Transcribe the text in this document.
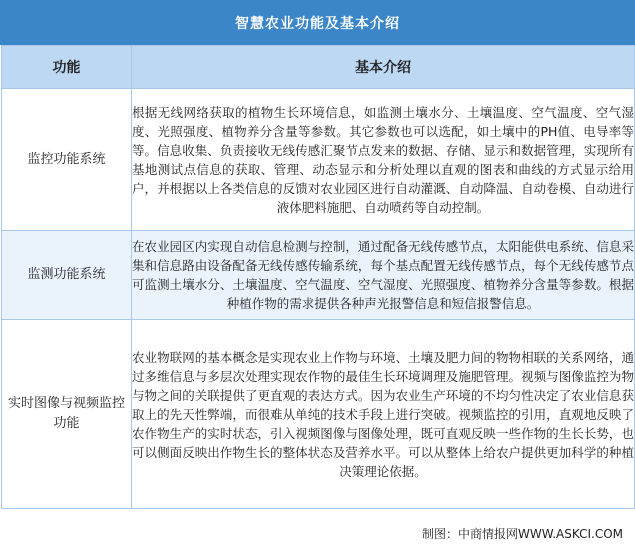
智慧农业功能及基本介绍
功能	基本介绍
监控功能系统	根据无线网络获取的植物生长环境信息，如监测土壤水分、土壤温度、空气温度、空气湿度、光照强度、植物养分含量等参数。其它参数也可以选配，如土壤中的PH值、电导率等等。信息收集、负责接收无线传感汇聚节点发来的数据、存储、显示和数据管理，实现所有基地测试点信息的获取、管理、动态显示和分析处理以直观的图表和曲线的方式显示给用户，并根据以上各类信息的反馈对农业园区进行自动灌溉、自动降温、自动卷模、自动进行液体肥料施肥、自动喷药等自动控制。
监测功能系统	在农业园区内实现自动信息检测与控制，通过配备无线传感节点，太阳能供电系统、信息采集和信息路由设备配备无线传感传输系统，每个基点配置无线传感节点，每个无线传感节点可监测土壤水分、土壤温度、空气温度、空气湿度、光照强度、植物养分含量等参数。根据种植作物的需求提供各种声光报警信息和短信报警信息。
实时图像与视频监控功能	农业物联网的基本概念是实现农业上作物与环境、土壤及肥力间的物物相联的关系网络，通过多维信息与多层次处理实现农作物的最佳生长环境调理及施肥管理。视频与图像监控为物与物之间的关联提供了更直观的表达方式。因为农业生产环境的不均匀性决定了农业信息获取上的先天性弊端，而很难从单纯的技术手段上进行突破。视频监控的引用，直观地反映了农作物生产的实时状态，引入视频图像与图像处理，既可直观反映一些作物的生长长势，也可以侧面反映出作物生长的整体状态及营养水平。可以从整体上给农户提供更加科学的种植决策理论依据。
制图：中商情报网WWW.ASKCI.COM
